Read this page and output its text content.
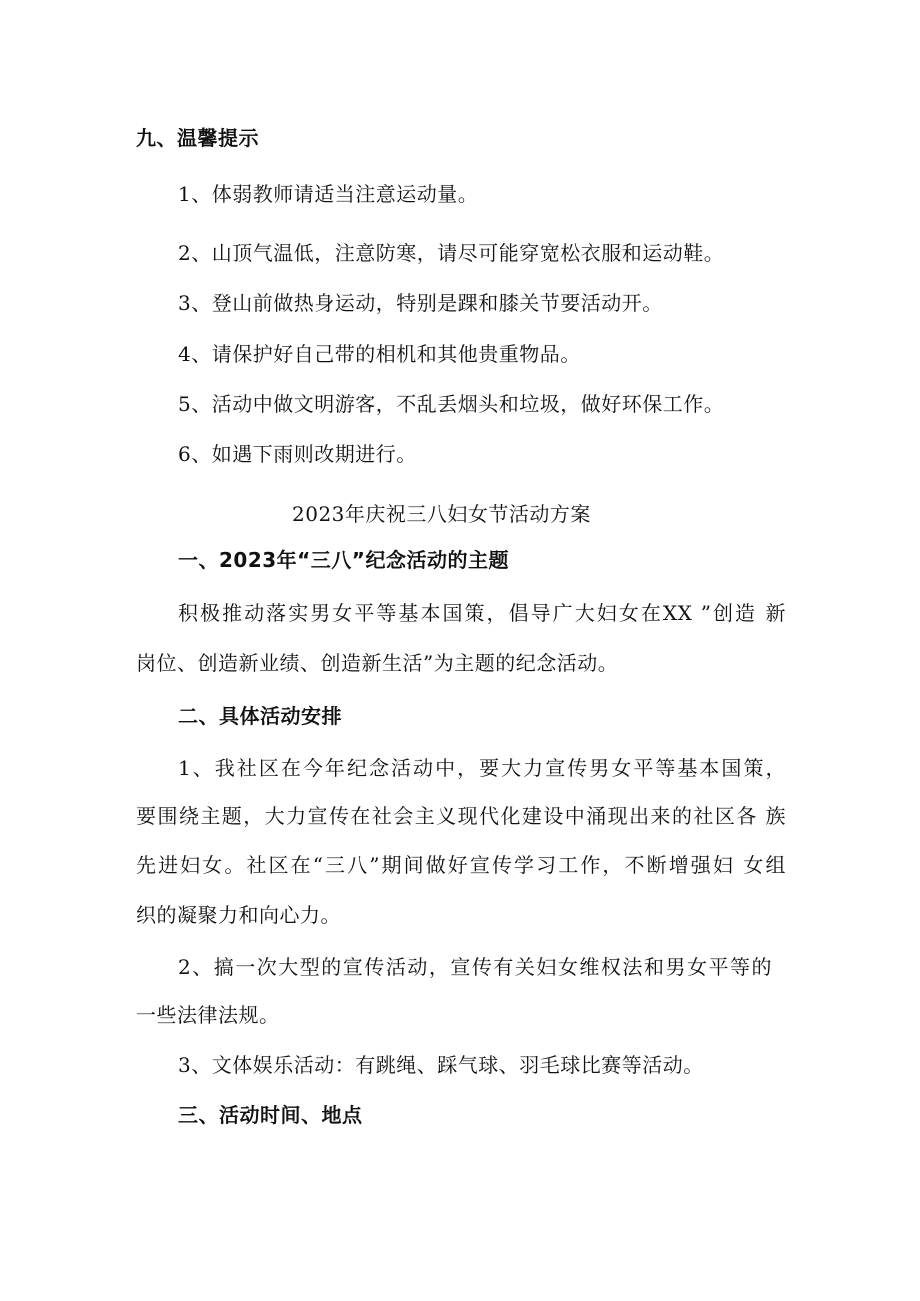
九、温馨提示
1、体弱教师请适当注意运动量。
2、山顶气温低，注意防寒，请尽可能穿宽松衣服和运动鞋。
3、登山前做热身运动，特别是踝和膝关节要活动开。
4、请保护好自己带的相机和其他贵重物品。
5、活动中做文明游客，不乱丢烟头和垃圾，做好环保工作。
6、如遇下雨则改期进行。
2023年庆祝三八妇女节活动方案
一、2023年“三八”纪念活动的主题
积极推动落实男女平等基本国策，倡导广大妇女在XX ”创造 新
岗位、创造新业绩、创造新生活”为主题的纪念活动。
二、具体活动安排
1、我社区在今年纪念活动中，要大力宣传男女平等基本国策，
要围绕主题，大力宣传在社会主义现代化建设中涌现出来的社区各 族
先进妇女。社区在“三八”期间做好宣传学习工作，不断增强妇 女组
织的凝聚力和向心力。
2、搞一次大型的宣传活动，宣传有关妇女维权法和男女平等的
一些法律法规。
3、文体娱乐活动：有跳绳、踩气球、羽毛球比赛等活动。
三、活动时间、地点
